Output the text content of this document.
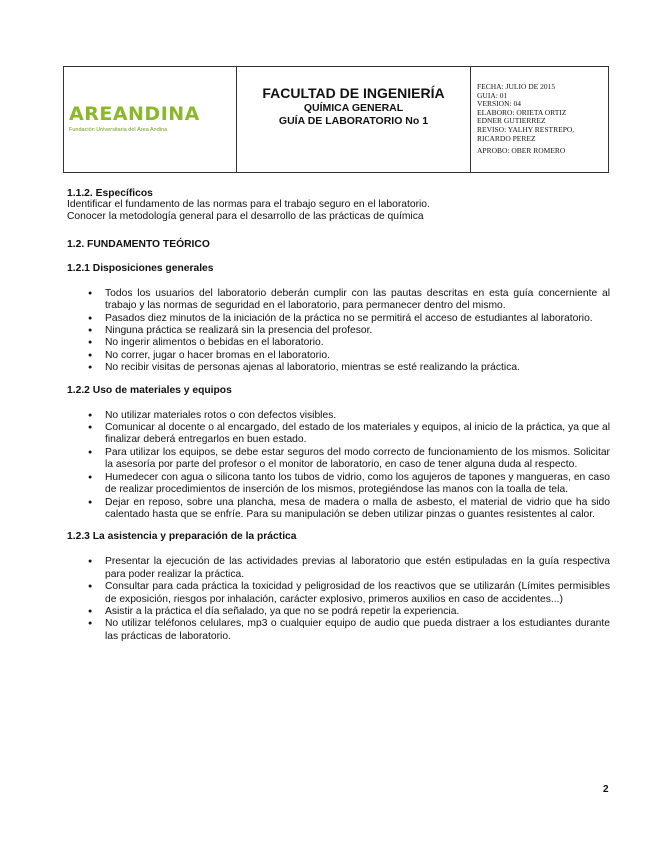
AREANDINA
Fundación Universitaria del Área Andina
FACULTAD DE INGENIERÍA
QUÍMICA GENERAL
GUÍA DE LABORATORIO No 1
FECHA: JULIO DE 2015
GUIA: 01
VERSION: 04
ELABORO: ORIETA ORTIZ
EDNER GUTIERREZ
REVISO: YALHY RESTREPO,
RICARDO PEREZ
APROBO: OBER ROMERO

1.1.2. Específicos

Identificar el fundamento de las normas para el trabajo seguro en el laboratorio.

Conocer la metodología general para el desarrollo de las prácticas de química

1.2. FUNDAMENTO TEÓRICO

1.2.1 Disposiciones generales

● Todos los usuarios del laboratorio deberán cumplir con las pautas descritas en esta guía concerniente al trabajo y las normas de seguridad en el laboratorio, para permanecer dentro del mismo.
● Pasados diez minutos de la iniciación de la práctica no se permitirá el acceso de estudiantes al laboratorio.
● Ninguna práctica se realizará sin la presencia del profesor.
● No ingerir alimentos o bebidas en el laboratorio.
● No correr, jugar o hacer bromas en el laboratorio.
● No recibir visitas de personas ajenas al laboratorio, mientras se esté realizando la práctica.

1.2.2 Uso de materiales y equipos

● No utilizar materiales rotos o con defectos visibles.
● Comunicar al docente o al encargado, del estado de los materiales y equipos, al inicio de la práctica, ya que al finalizar deberá entregarlos en buen estado.
● Para utilizar los equipos, se debe estar seguros del modo correcto de funcionamiento de los mismos. Solicitar la asesoría por parte del profesor o el monitor de laboratorio, en caso de tener alguna duda al respecto.
● Humedecer con agua o silicona tanto los tubos de vidrio, como los agujeros de tapones y mangueras, en caso de realizar procedimientos de inserción de los mismos, protegiéndose las manos con la toalla de tela.
● Dejar en reposo, sobre una plancha, mesa de madera o malla de asbesto, el material de vidrio que ha sido calentado hasta que se enfríe. Para su manipulación se deben utilizar pinzas o guantes resistentes al calor.

1.2.3 La asistencia y preparación de la práctica

● Presentar la ejecución de las actividades previas al laboratorio que estén estipuladas en la guía respectiva para poder realizar la práctica.
● Consultar para cada práctica la toxicidad y peligrosidad de los reactivos que se utilizarán (Límites permisibles de exposición, riesgos por inhalación, carácter explosivo, primeros auxilios en caso de accidentes...)
● Asistir a la práctica el día señalado, ya que no se podrá repetir la experiencia.
● No utilizar teléfonos celulares, mp3 o cualquier equipo de audio que pueda distraer a los estudiantes durante las prácticas de laboratorio.
2
